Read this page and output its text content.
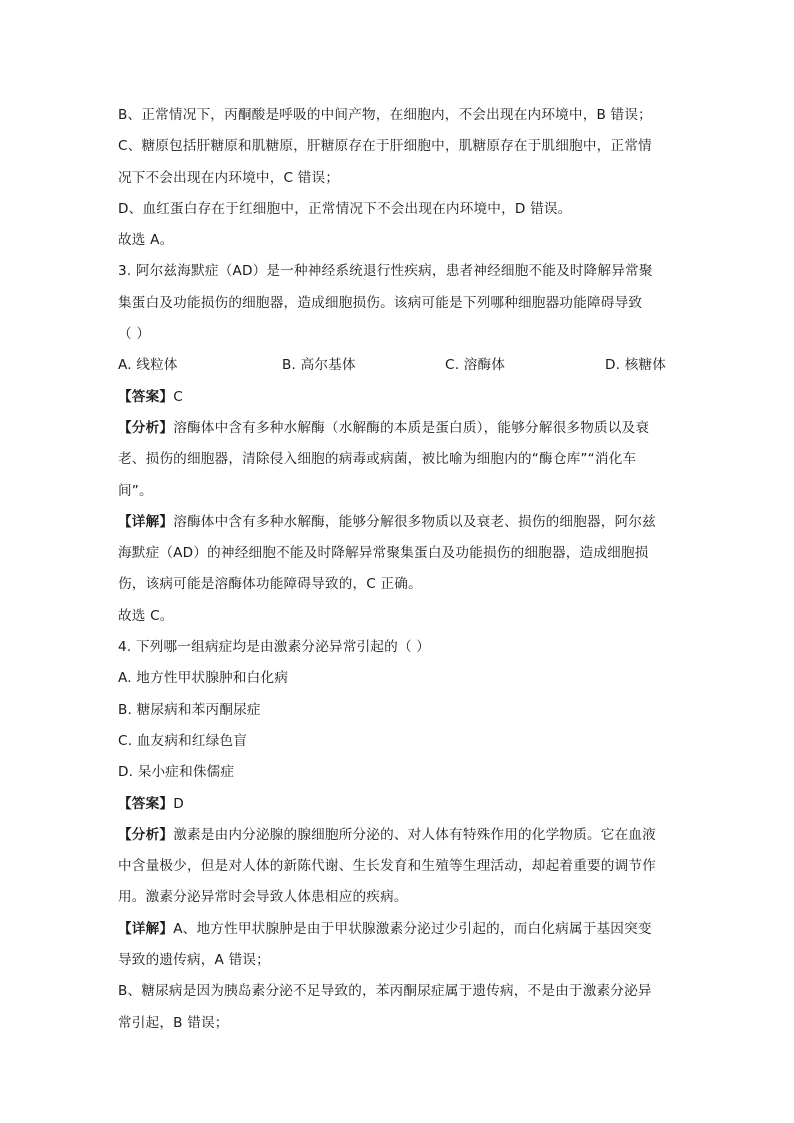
B、正常情况下，丙酮酸是呼吸的中间产物，在细胞内，不会出现在内环境中，B 错误；
C、糖原包括肝糖原和肌糖原，肝糖原存在于肝细胞中，肌糖原存在于肌细胞中，正常情
况下不会出现在内环境中，C 错误；
D、血红蛋白存在于红细胞中，正常情况下不会出现在内环境中，D 错误。
故选 A。
3. 阿尔兹海默症（AD）是一种神经系统退行性疾病，患者神经细胞不能及时降解异常聚
集蛋白及功能损伤的细胞器，造成细胞损伤。该病可能是下列哪种细胞器功能障碍导致
（ ）
A. 线粒体	B. 高尔基体	C. 溶酶体	D. 核糖体
【答案】C
【分析】溶酶体中含有多种水解酶（水解酶的本质是蛋白质），能够分解很多物质以及衰
老、损伤的细胞器，清除侵入细胞的病毒或病菌，被比喻为细胞内的“酶仓库”“消化车
间”。
【详解】溶酶体中含有多种水解酶，能够分解很多物质以及衰老、损伤的细胞器，阿尔兹
海默症（AD）的神经细胞不能及时降解异常聚集蛋白及功能损伤的细胞器，造成细胞损
伤，该病可能是溶酶体功能障碍导致的，C 正确。
故选 C。
4. 下列哪一组病症均是由激素分泌异常引起的（ ）
A. 地方性甲状腺肿和白化病
B. 糖尿病和苯丙酮尿症
C. 血友病和红绿色盲
D. 呆小症和侏儒症
【答案】D
【分析】激素是由内分泌腺的腺细胞所分泌的、对人体有特殊作用的化学物质。它在血液
中含量极少，但是对人体的新陈代谢、生长发育和生殖等生理活动，却起着重要的调节作
用。激素分泌异常时会导致人体患相应的疾病。
【详解】A、地方性甲状腺肿是由于甲状腺激素分泌过少引起的，而白化病属于基因突变
导致的遗传病，A 错误；
B、糖尿病是因为胰岛素分泌不足导致的，苯丙酮尿症属于遗传病，不是由于激素分泌异
常引起，B 错误；
